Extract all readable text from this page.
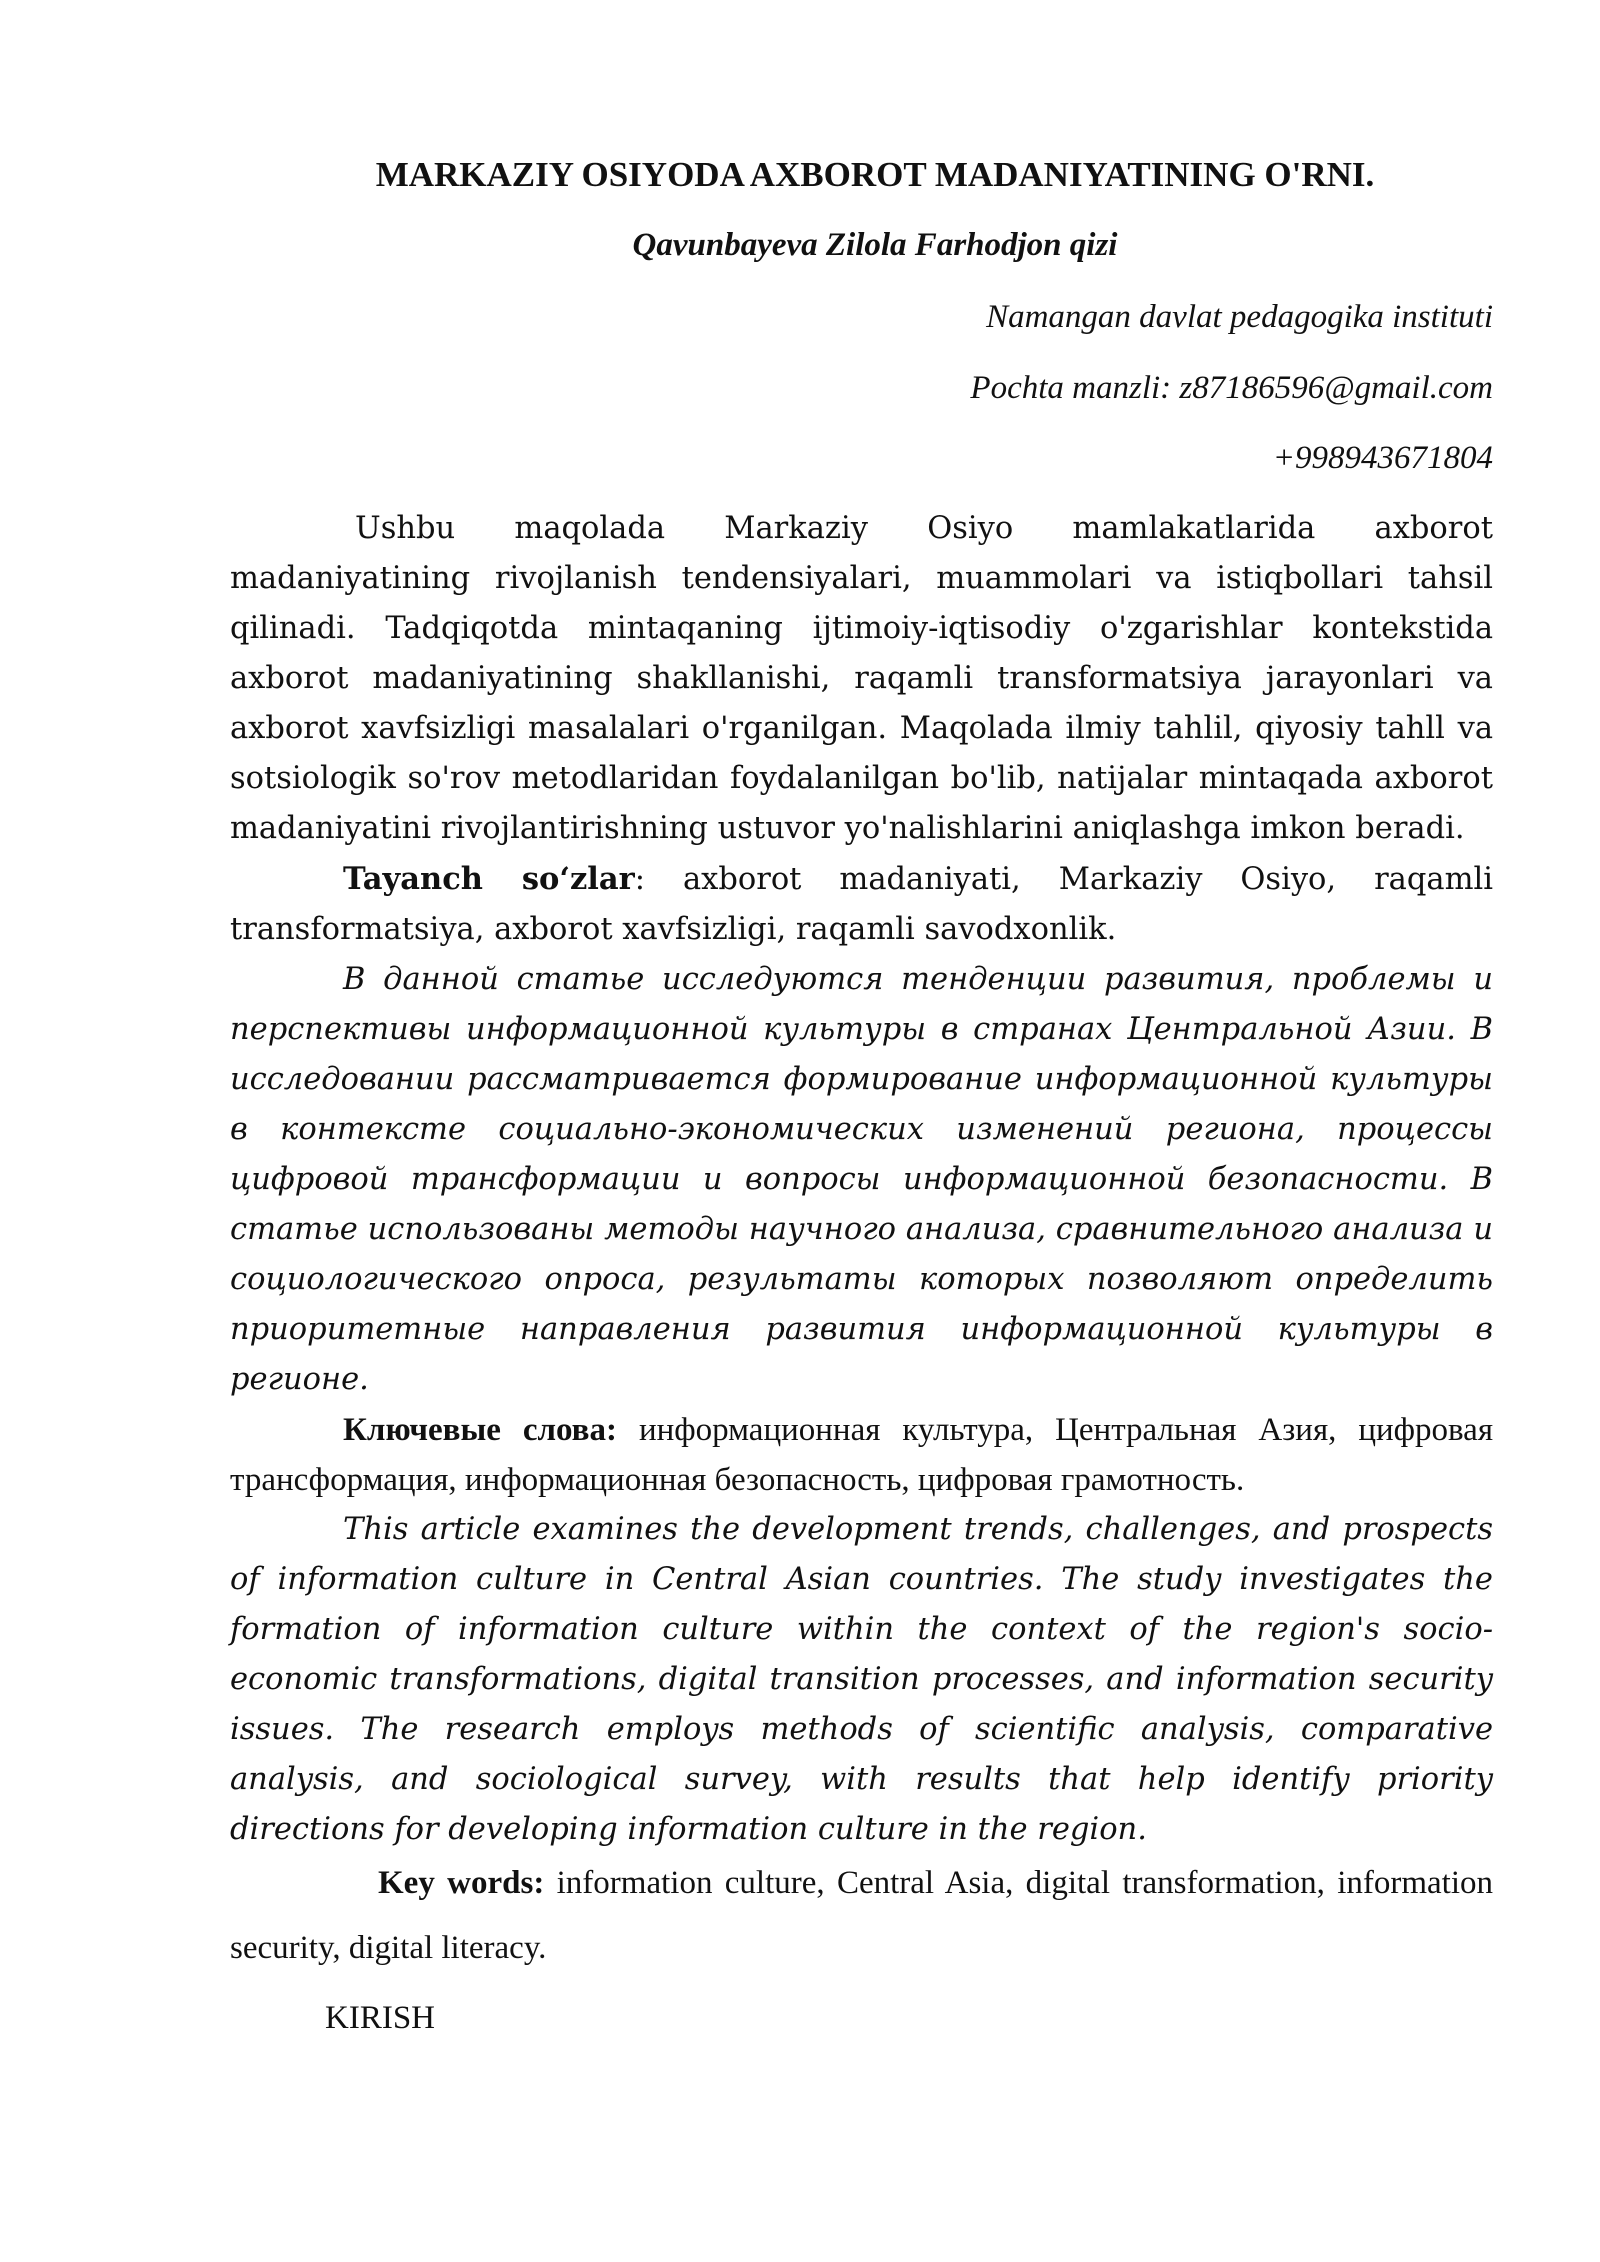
MARKAZIY OSIYODA AXBOROT MADANIYATINING O'RNI.

Qavunbayeva Zilola Farhodjon qizi

Namangan davlat pedagogika instituti

Pochta manzli: z87186596@gmail.com

+998943671804

Ushbu maqolada Markaziy Osiyo mamlakatlarida axborot madaniyatining rivojlanish tendensiyalari, muammolari va istiqbollari tahsil qilinadi. Tadqiqotda mintaqaning ijtimoiy-iqtisodiy o'zgarishlar kontekstida axborot madaniyatining shakllanishi, raqamli transformatsiya jarayonlari va axborot xavfsizligi masalalari o'rganilgan. Maqolada ilmiy tahlil, qiyosiy tahll va sotsiologik so'rov metodlaridan foydalanilgan bo'lib, natijalar mintaqada axborot madaniyatini rivojlantirishning ustuvor yo'nalishlarini aniqlashga imkon beradi.

Tayanch so‘zlar: axborot madaniyati, Markaziy Osiyo, raqamli transformatsiya, axborot xavfsizligi, raqamli savodxonlik.

В данной статье исследуются тенденции развития, проблемы и перспективы информационной культуры в странах Центральной Азии. В исследовании рассматривается формирование информационной культуры в контексте социально-экономических изменений региона, процессы цифровой трансформации и вопросы информационной безопасности. В статье использованы методы научного анализа, сравнительного анализа и социологического опроса, результаты которых позволяют определить приоритетные направления развития информационной культуры в регионе.

Ключевые слова: информационная культура, Центральная Азия, цифровая трансформация, информационная безопасность, цифровая грамотность.

This article examines the development trends, challenges, and prospects of information culture in Central Asian countries. The study investigates the formation of information culture within the context of the region's socio-economic transformations, digital transition processes, and information security issues. The research employs methods of scientific analysis, comparative analysis, and sociological survey, with results that help identify priority directions for developing information culture in the region.

Key words: information culture, Central Asia, digital transformation, information security, digital literacy.

KIRISH
